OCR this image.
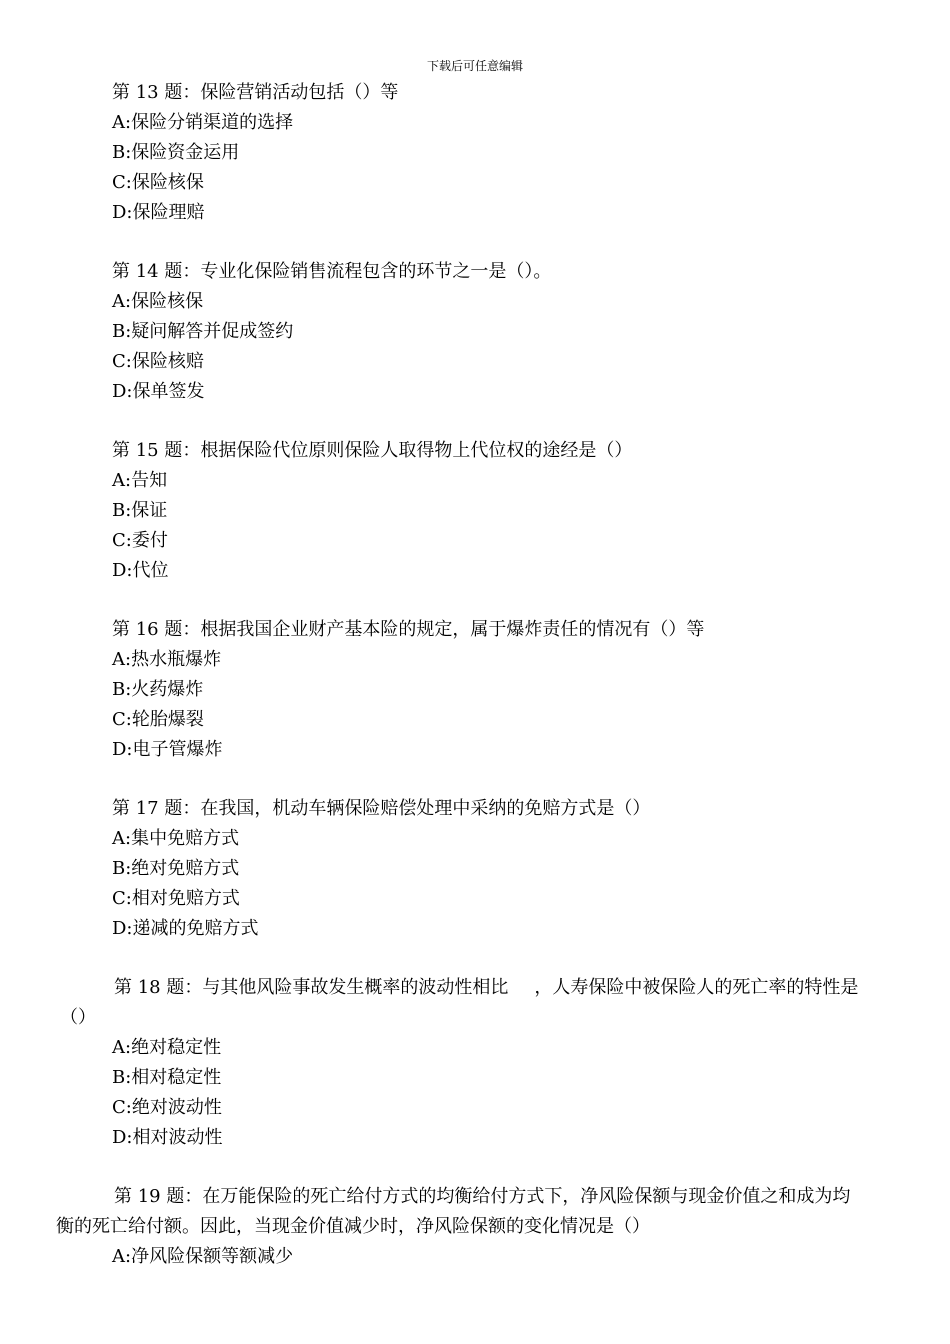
下载后可任意编辑
第 13 题：保险营销活动包括（）等
A:保险分销渠道的选择
B:保险资金运用
C:保险核保
D:保险理赔
第 14 题：专业化保险销售流程包含的环节之一是（）。
A:保险核保
B:疑问解答并促成签约
C:保险核赔
D:保单签发
第 15 题：根据保险代位原则保险人取得物上代位权的途经是（）
A:告知
B:保证
C:委付
D:代位
第 16 题：根据我国企业财产基本险的规定，属于爆炸责任的情况有（）等
A:热水瓶爆炸
B:火药爆炸
C:轮胎爆裂
D:电子管爆炸
第 17 题：在我国，机动车辆保险赔偿处理中采纳的免赔方式是（）
A:集中免赔方式
B:绝对免赔方式
C:相对免赔方式
D:递减的免赔方式
第 18 题：与其他风险事故发生概率的波动性相比 ，人寿保险中被保险人的死亡率的特性是
（）
A:绝对稳定性
B:相对稳定性
C:绝对波动性
D:相对波动性
第 19 题：在万能保险的死亡给付方式的均衡给付方式下，净风险保额与现金价值之和成为均
衡的死亡给付额。因此，当现金价值减少时，净风险保额的变化情况是（）
A:净风险保额等额减少
